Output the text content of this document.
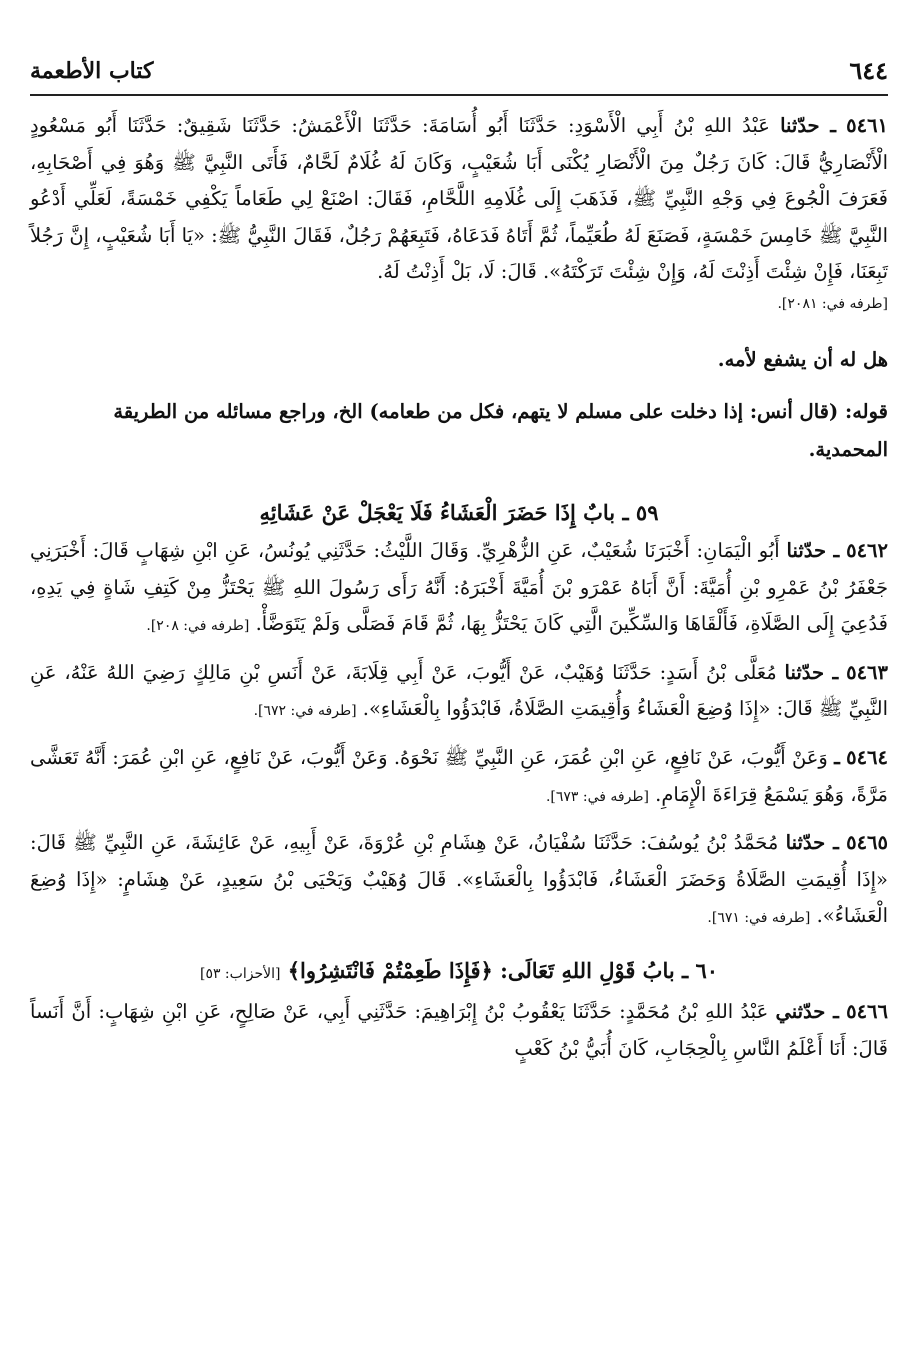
٦٤٤
كتاب الأطعمة

٥٤٦١ ـ حدّثنا عَبْدُ اللهِ بْنُ أَبِي الْأَسْوَدِ: حَدَّثَنَا أَبُو أُسَامَةَ: حَدَّثَنَا الْأَعْمَشُ: حَدَّثَنَا شَقِيقٌ: حَدَّثَنَا أَبُو مَسْعُودٍ الْأَنْصَارِيُّ قَالَ: كَانَ رَجُلٌ مِنَ الْأَنْصَارِ يُكْنَى أَبَا شُعَيْبٍ، وَكَانَ لَهُ غُلَامٌ لَحَّامٌ، فَأَتَى النَّبِيَّ ﷺ وَهُوَ فِي أَصْحَابِهِ، فَعَرَفَ الْجُوعَ فِي وَجْهِ النَّبِيِّ ﷺ، فَذَهَبَ إِلَى غُلَامِهِ اللَّحَّامِ، فَقَالَ: اصْنَعْ لِي طَعَاماً يَكْفِي خَمْسَةً، لَعَلِّي أَدْعُو النَّبِيَّ ﷺ خَامِسَ خَمْسَةٍ، فَصَنَعَ لَهُ طُعَيِّماً، ثُمَّ أَتَاهُ فَدَعَاهُ، فَتَبِعَهُمْ رَجُلٌ، فَقَالَ النَّبِيُّ ﷺ: «يَا أَبَا شُعَيْبٍ، إِنَّ رَجُلاً تَبِعَنَا، فَإِنْ شِئْتَ أَذِنْتَ لَهُ، وَإِنْ شِئْتَ تَرَكْتَهُ». قَالَ: لَا، بَلْ أَذِنْتُ لَهُ.

[طرفه في: ٢٠٨١].

هل له أن يشفع لأمه.

قوله: (قال أنس: إذا دخلت على مسلم لا يتهم، فكل من طعامه) الخ، وراجع مسائله من الطريقة المحمدية.

٥٩ ـ بابٌ إِذَا حَضَرَ الْعَشَاءُ فَلَا يَعْجَلْ عَنْ عَشَائِهِ

٥٤٦٢ ـ حدّثنا أَبُو الْيَمَانِ: أَخْبَرَنَا شُعَيْبٌ، عَنِ الزُّهْرِيِّ. وَقَالَ اللَّيْثُ: حَدَّثَنِي يُونُسُ، عَنِ ابْنِ شِهَابٍ قَالَ: أَخْبَرَنِي جَعْفَرُ بْنُ عَمْرِو بْنِ أُمَيَّةَ: أَنَّ أَبَاهُ عَمْرَو بْنَ أُمَيَّةَ أَخْبَرَهُ: أَنَّهُ رَأَى رَسُولَ اللهِ ﷺ يَحْتَزُّ مِنْ كَتِفِ شَاةٍ فِي يَدِهِ، فَدُعِيَ إِلَى الصَّلَاةِ، فَأَلْقَاهَا وَالسِّكِّينَ الَّتِي كَانَ يَحْتَزُّ بِهَا، ثُمَّ قَامَ فَصَلَّى وَلَمْ يَتَوَضَّأْ. [طرفه في: ٢٠٨].

٥٤٦٣ ـ حدّثنا مُعَلَّى بْنُ أَسَدٍ: حَدَّثَنَا وُهَيْبٌ، عَنْ أَيُّوبَ، عَنْ أَبِي قِلَابَةَ، عَنْ أَنَسِ بْنِ مَالِكٍ رَضِيَ اللهُ عَنْهُ، عَنِ النَّبِيِّ ﷺ قَالَ: «إِذَا وُضِعَ الْعَشَاءُ وَأُقِيمَتِ الصَّلَاةُ، فَابْدَؤُوا بِالْعَشَاءِ». [طرفه في: ٦٧٢].

٥٤٦٤ ـ وَعَنْ أَيُّوبَ، عَنْ نَافِعٍ، عَنِ ابْنِ عُمَرَ، عَنِ النَّبِيِّ ﷺ نَحْوَهُ. وَعَنْ أَيُّوبَ، عَنْ نَافِعٍ، عَنِ ابْنِ عُمَرَ: أَنَّهُ تَعَشَّى مَرَّةً، وَهُوَ يَسْمَعُ قِرَاءَةَ الْإِمَامِ. [طرفه في: ٦٧٣].

٥٤٦٥ ـ حدّثنا مُحَمَّدُ بْنُ يُوسُفَ: حَدَّثَنَا سُفْيَانُ، عَنْ هِشَامِ بْنِ عُرْوَةَ، عَنْ أَبِيهِ، عَنْ عَائِشَةَ، عَنِ النَّبِيِّ ﷺ قَالَ: «إِذَا أُقِيمَتِ الصَّلَاةُ وَحَضَرَ الْعَشَاءُ، فَابْدَؤُوا بِالْعَشَاءِ». قَالَ وُهَيْبٌ وَيَحْيَى بْنُ سَعِيدٍ، عَنْ هِشَامٍ: «إِذَا وُضِعَ الْعَشَاءُ». [طرفه في: ٦٧١].

٦٠ ـ بابُ قَوْلِ اللهِ تَعَالَى: ﴿فَإِذَا طَعِمْتُمْ فَانْتَشِرُوا﴾ [الأحزاب: ٥٣]

٥٤٦٦ ـ حدّثني عَبْدُ اللهِ بْنُ مُحَمَّدٍ: حَدَّثَنَا يَعْقُوبُ بْنُ إِبْرَاهِيمَ: حَدَّثَنِي أَبِي، عَنْ صَالِحٍ، عَنِ ابْنِ شِهَابٍ: أَنَّ أَنَساً قَالَ: أَنَا أَعْلَمُ النَّاسِ بِالْحِجَابِ، كَانَ أُبَيُّ بْنُ كَعْبٍ
